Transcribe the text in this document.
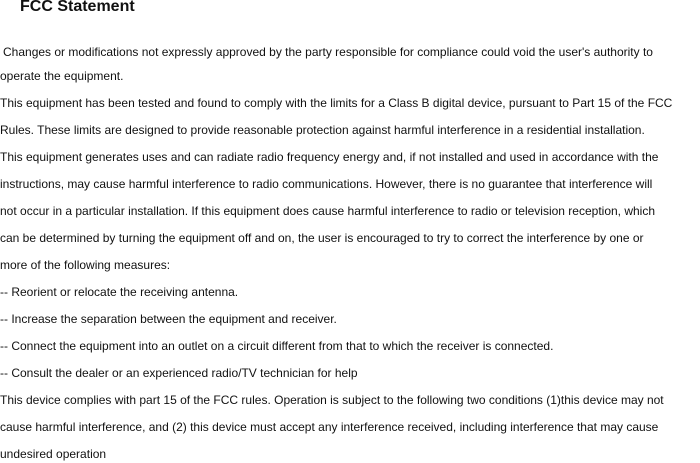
FCC Statement
Changes or modifications not expressly approved by the party responsible for compliance could void the user's authority to
operate the equipment.
This equipment has been tested and found to comply with the limits for a Class B digital device, pursuant to Part 15 of the FCC
Rules. These limits are designed to provide reasonable protection against harmful interference in a residential installation.
This equipment generates uses and can radiate radio frequency energy and, if not installed and used in accordance with the
instructions, may cause harmful interference to radio communications. However, there is no guarantee that interference will
not occur in a particular installation. If this equipment does cause harmful interference to radio or television reception, which
can be determined by turning the equipment off and on, the user is encouraged to try to correct the interference by one or
more of the following measures:
-- Reorient or relocate the receiving antenna.
-- Increase the separation between the equipment and receiver.
-- Connect the equipment into an outlet on a circuit different from that to which the receiver is connected.
-- Consult the dealer or an experienced radio/TV technician for help
This device complies with part 15 of the FCC rules. Operation is subject to the following two conditions (1)this device may not
cause harmful interference, and (2) this device must accept any interference received, including interference that may cause
undesired operation
